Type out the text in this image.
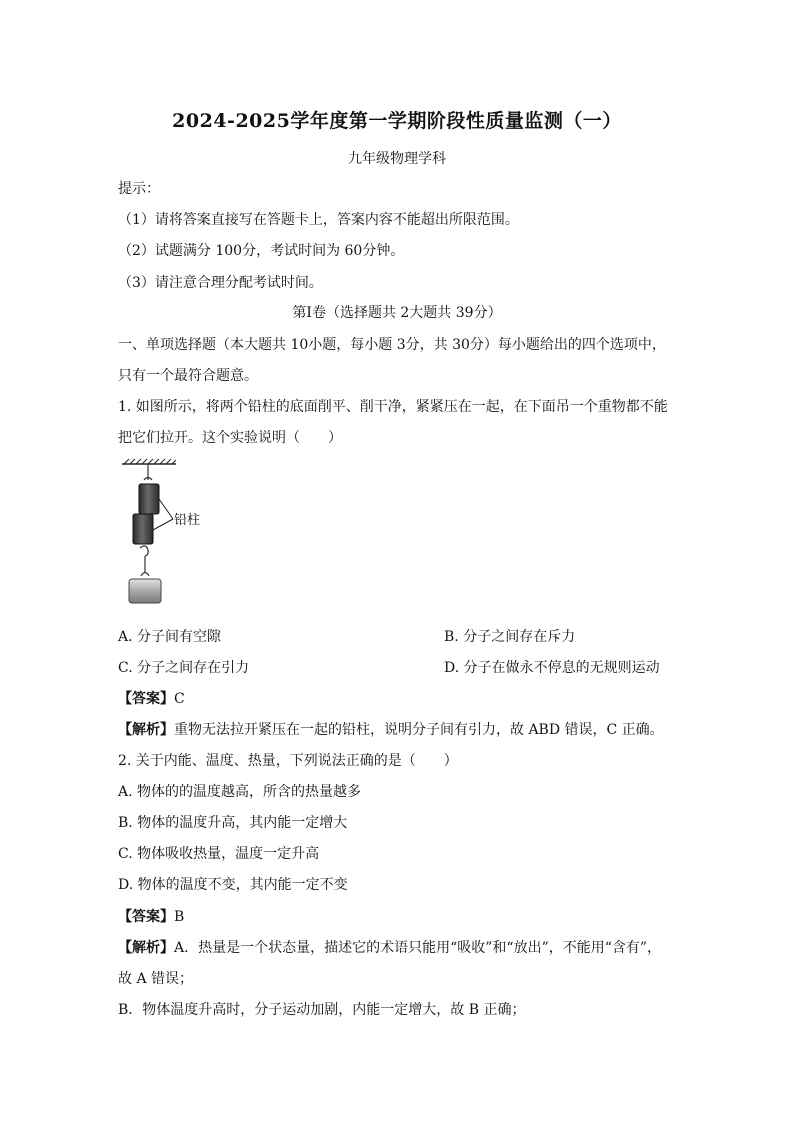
2024-2025学年度第一学期阶段性质量监测（一）
九年级物理学科
提示：
（1）请将答案直接写在答题卡上，答案内容不能超出所限范围。
（2）试题满分 100分，考试时间为 60分钟。
（3）请注意合理分配考试时间。
第Ⅰ卷（选择题共 2大题共 39分）
一、单项选择题（本大题共 10小题，每小题 3分，共 30分）每小题给出的四个选项中，
只有一个最符合题意。
1. 如图所示，将两个铅柱的底面削平、削干净，紧紧压在一起，在下面吊一个重物都不能
把它们拉开。这个实验说明（　　）
铅柱
A. 分子间有空隙	B. 分子之间存在斥力
C. 分子之间存在引力	D. 分子在做永不停息的无规则运动
【答案】C
【解析】重物无法拉开紧压在一起的铅柱，说明分子间有引力，故 ABD 错误，C 正确。
2. 关于内能、温度、热量，下列说法正确的是（　　）
A. 物体的的温度越高，所含的热量越多
B. 物体的温度升高，其内能一定增大
C. 物体吸收热量，温度一定升高
D. 物体的温度不变，其内能一定不变
【答案】B
【解析】A．热量是一个状态量，描述它的术语只能用“吸收”和“放出”，不能用“含有”，
故 A 错误；
B．物体温度升高时，分子运动加剧，内能一定增大，故 B 正确；
